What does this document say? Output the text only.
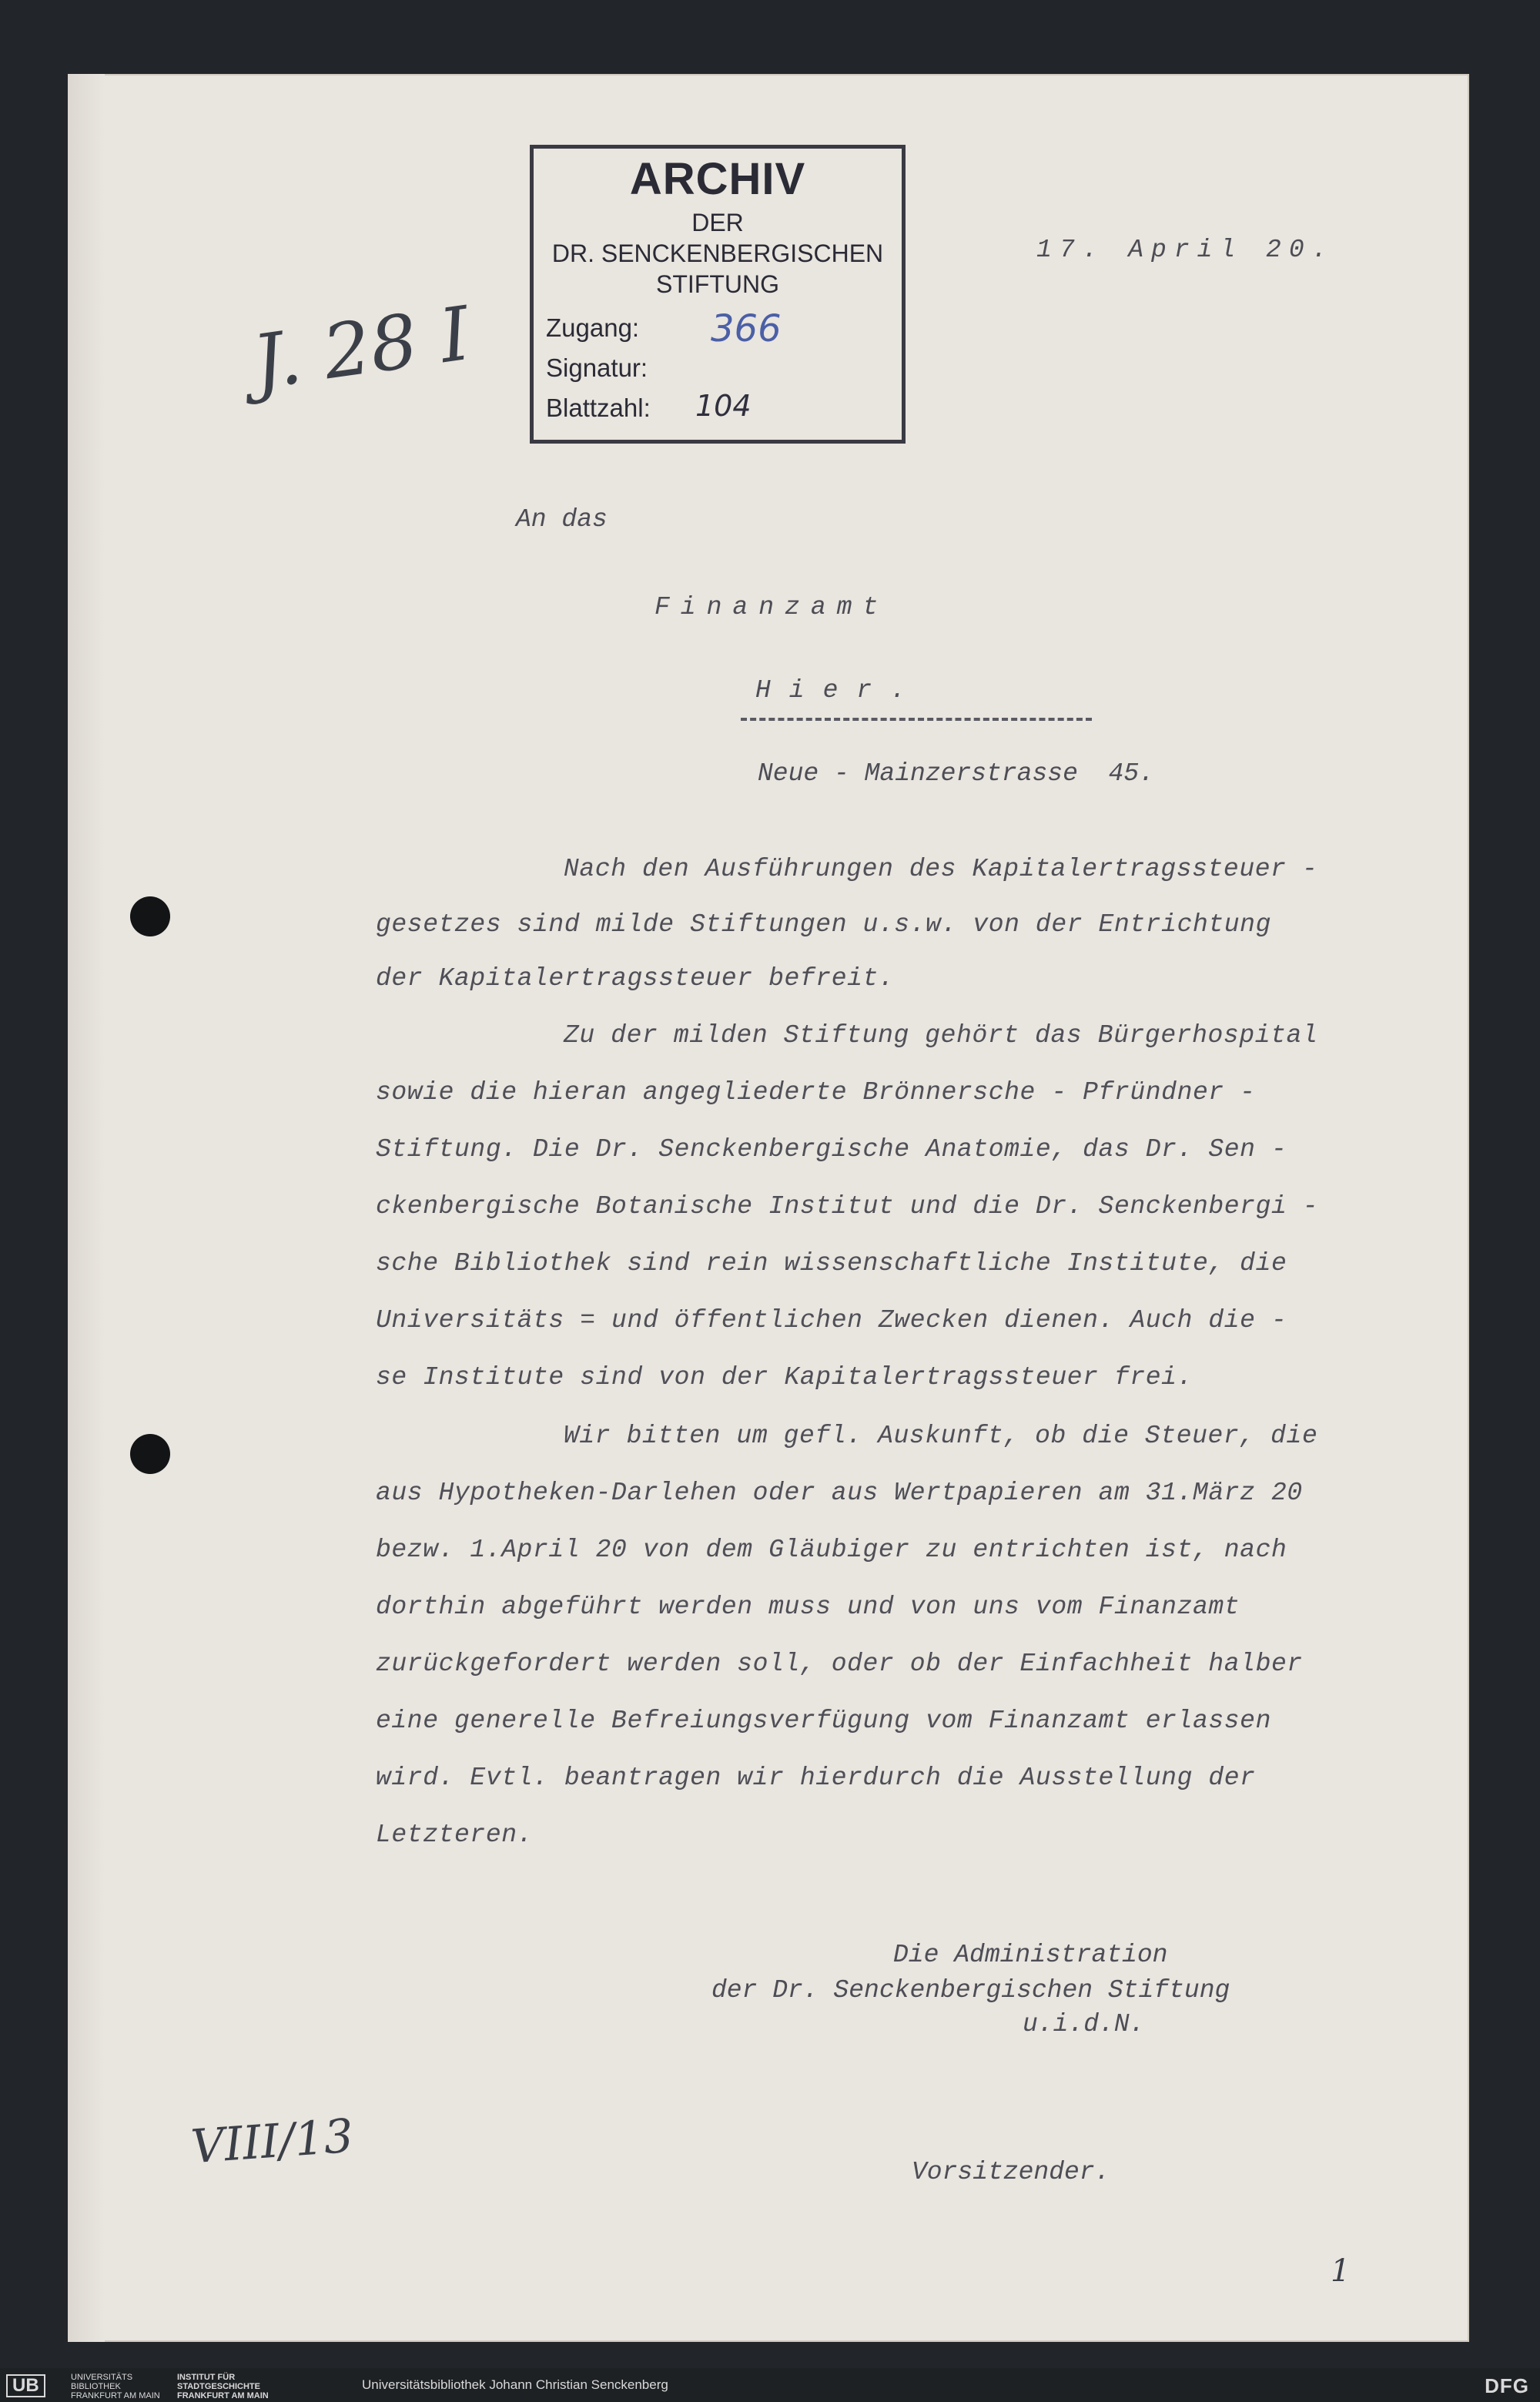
ARCHIV
DER
DR. SENCKENBERGISCHEN
STIFTUNG
Zugang: 366
Signatur:
Blattzahl: 104
J. 28 I
VIII/13
1
17. April 20.
An das
Finanzamt
Hier.
Neue - Mainzerstrasse  45.
Nach den Ausführungen des Kapitalertragssteuer -
gesetzes sind milde Stiftungen u.s.w. von der Entrichtung
der Kapitalertragssteuer befreit.
Zu der milden Stiftung gehört das Bürgerhospital
sowie die hieran angegliederte Brönnersche - Pfründner -
Stiftung. Die Dr. Senckenbergische Anatomie, das Dr. Sen -
ckenbergische Botanische Institut und die Dr. Senckenbergi -
sche Bibliothek sind rein wissenschaftliche Institute, die
Universitäts = und öffentlichen Zwecken dienen. Auch die -
se Institute sind von der Kapitalertragssteuer frei.
Wir bitten um gefl. Auskunft, ob die Steuer, die
aus Hypotheken-Darlehen oder aus Wertpapieren am 31.März 20
bezw. 1.April 20 von dem Gläubiger zu entrichten ist, nach
dorthin abgeführt werden muss und von uns vom Finanzamt
zurückgefordert werden soll, oder ob der Einfachheit halber
eine generelle Befreiungsverfügung vom Finanzamt erlassen
wird. Evtl. beantragen wir hierdurch die Ausstellung der
Letzteren.
Die Administration
der Dr. Senckenbergischen Stiftung
u.i.d.N.
Vorsitzender.
UB	UNIVERSITÄTS
BIBLIOTHEK
FRANKFURT AM MAIN
INSTITUT FÜR
STADTGESCHICHTE
FRANKFURT AM MAIN
Universitätsbibliothek Johann Christian Senckenberg	DFG
